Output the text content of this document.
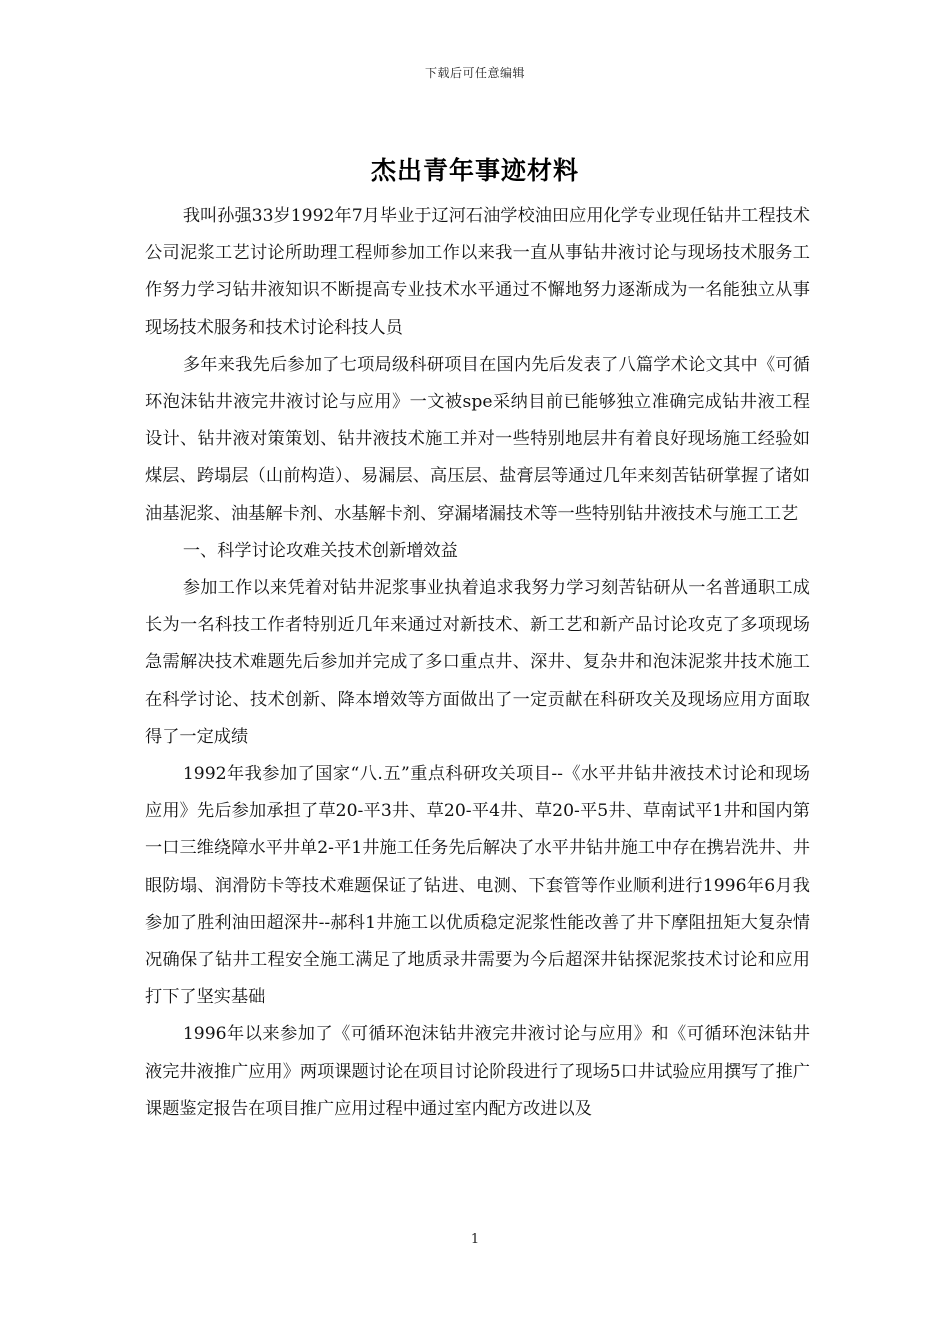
下载后可任意编辑
杰出青年事迹材料

我叫孙强33岁1992年7月毕业于辽河石油学校油田应用化学专业现任钻井工程技术公司泥浆工艺讨论所助理工程师参加工作以来我一直从事钻井液讨论与现场技术服务工作努力学习钻井液知识不断提高专业技术水平通过不懈地努力逐渐成为一名能独立从事现场技术服务和技术讨论科技人员

多年来我先后参加了七项局级科研项目在国内先后发表了八篇学术论文其中《可循环泡沫钻井液完井液讨论与应用》一文被spe采纳目前已能够独立准确完成钻井液工程设计、钻井液对策策划、钻井液技术施工并对一些特别地层井有着良好现场施工经验如煤层、跨塌层（山前构造）、易漏层、高压层、盐膏层等通过几年来刻苦钻研掌握了诸如油基泥浆、油基解卡剂、水基解卡剂、穿漏堵漏技术等一些特别钻井液技术与施工工艺

一、科学讨论攻难关技术创新增效益

参加工作以来凭着对钻井泥浆事业执着追求我努力学习刻苦钻研从一名普通职工成长为一名科技工作者特别近几年来通过对新技术、新工艺和新产品讨论攻克了多项现场急需解决技术难题先后参加并完成了多口重点井、深井、复杂井和泡沫泥浆井技术施工在科学讨论、技术创新、降本增效等方面做出了一定贡献在科研攻关及现场应用方面取得了一定成绩

1992年我参加了国家“八.五”重点科研攻关项目--《水平井钻井液技术讨论和现场应用》先后参加承担了草20-平3井、草20-平4井、草20-平5井、草南试平1井和国内第一口三维绕障水平井单2-平1井施工任务先后解决了水平井钻井施工中存在携岩洗井、井眼防塌、润滑防卡等技术难题保证了钻进、电测、下套管等作业顺利进行1996年6月我参加了胜利油田超深井--郝科1井施工以优质稳定泥浆性能改善了井下摩阻扭矩大复杂情况确保了钻井工程安全施工满足了地质录井需要为今后超深井钻探泥浆技术讨论和应用打下了坚实基础

1996年以来参加了《可循环泡沫钻井液完井液讨论与应用》和《可循环泡沫钻井液完井液推广应用》两项课题讨论在项目讨论阶段进行了现场5口井试验应用撰写了推广课题鉴定报告在项目推广应用过程中通过室内配方改进以及

1
